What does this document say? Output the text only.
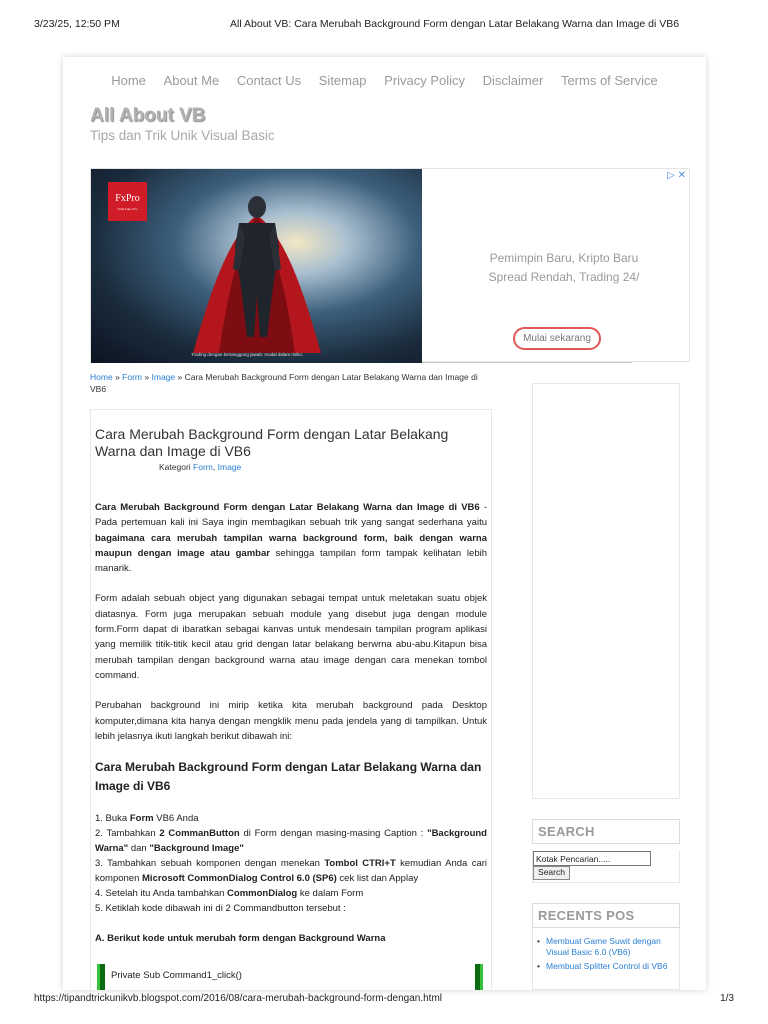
3/23/25, 12:50 PM	All About VB: Cara Merubah Background Form dengan Latar Belakang Warna dan Image di VB6
Home About Me Contact Us Sitemap Privacy Policy Disclaimer Terms of Service
All About VB
Tips dan Trik Unik Visual Basic
FxPro
Trade Like a Pro
Trading dengan bertanggung jawab: modal dalam risiko.
Pemimpin Baru, Kripto Baru
Spread Rendah, Trading 24/
Mulai sekarang
▷ ✕
Home » Form » Image » Cara Merubah Background Form dengan Latar Belakang Warna dan Image di VB6
Cara Merubah Background Form dengan Latar Belakang Warna dan Image di VB6
Kategori Form, Image

Cara Merubah Background Form dengan Latar Belakang Warna dan Image di VB6 - Pada pertemuan kali ini Saya ingin membagikan sebuah trik yang sangat sederhana yaitu bagaimana cara merubah tampilan warna background form, baik dengan warna maupun dengan image atau gambar sehingga tampilan form tampak kelihatan lebih manarik.

Form adalah sebuah object yang digunakan sebagai tempat untuk meletakan suatu objek diatasnya. Form juga merupakan sebuah module yang disebut juga dengan module form.Form dapat di ibaratkan sebagai kanvas untuk mendesain tampilan program aplikasi yang memilik titik-titik kecil atau grid dengan latar belakang berwrna abu-abu.Kitapun bisa merubah tampilan dengan background warna atau image dengan cara menekan tombol command.

Perubahan background ini mirip ketika kita merubah background pada Desktop komputer,dimana kita hanya dengan mengklik menu pada jendela yang di tampilkan. Untuk lebih jelasnya ikuti langkah berikut dibawah ini:

Cara Merubah Background Form dengan Latar Belakang Warna dan Image di VB6
1. Buka Form VB6 Anda
2. Tambahkan 2 CommanButton di Form dengan masing-masing Caption : "Background Warna" dan "Background Image"
3. Tambahkan sebuah komponen dengan menekan Tombol CTRl+T kemudian Anda cari komponen Microsoft CommonDialog Control 6.0 (SP6) cek list dan Applay
4. Setelah itu Anda tambahkan CommonDialog ke dalam Form
5. Ketiklah kode dibawah ini di 2 Commandbutton tersebut :
A. Berikut kode untuk merubah form dengan Background Warna
Private Sub Command1_click()
SEARCH
Kotak Pencarian.....
Search
RECENTS POS
• Membuat Game Suwit dengan Visual Basic 6.0 (VB6)
• Membuat Splitter Control di VB6
https://tipandtrickunikvb.blogspot.com/2016/08/cara-merubah-background-form-dengan.html	1/3
